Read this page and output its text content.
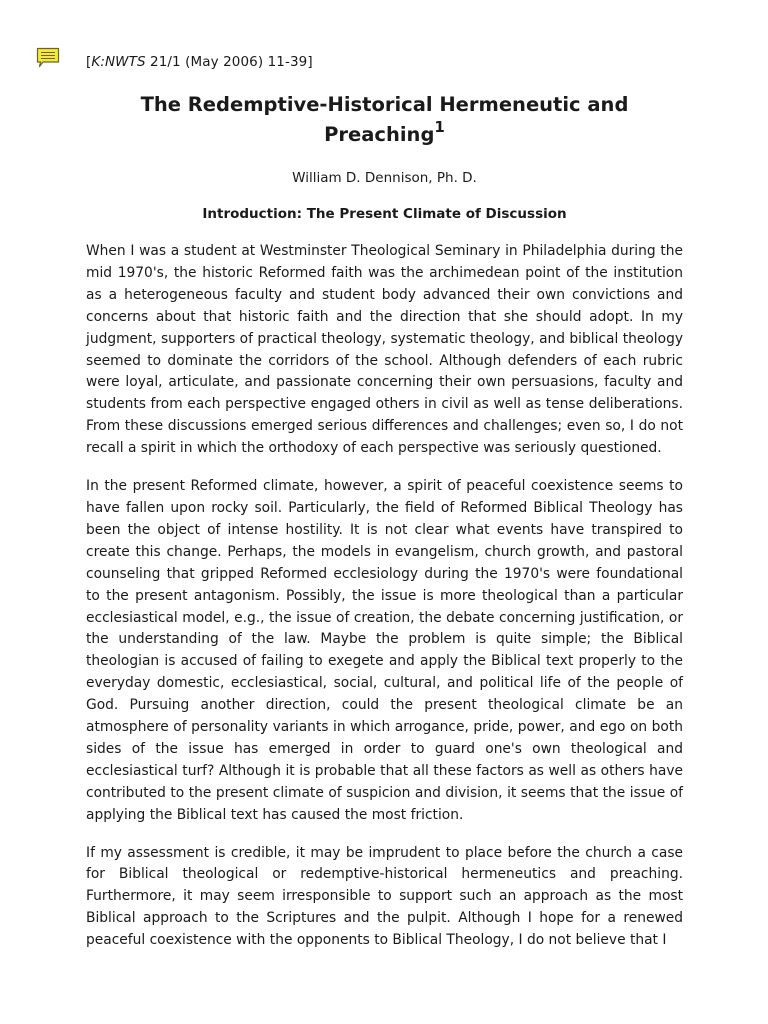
[K:NWTS 21/1 (May 2006) 11-39]
The Redemptive-Historical Hermeneutic and Preaching$^1$
William D. Dennison, Ph. D.
Introduction: The Present Climate of Discussion

When I was a student at Westminster Theological Seminary in Philadelphia during the mid 1970's, the historic Reformed faith was the archimedean point of the institution as a heterogeneous faculty and student body advanced their own convictions and concerns about that historic faith and the direction that she should adopt. In my judgment, supporters of practical theology, systematic theology, and biblical theology seemed to dominate the corridors of the school. Although defenders of each rubric were loyal, articulate, and passionate concerning their own persuasions, faculty and students from each perspective engaged others in civil as well as tense deliberations. From these discussions emerged serious differences and challenges; even so, I do not recall a spirit in which the orthodoxy of each perspective was seriously questioned.

In the present Reformed climate, however, a spirit of peaceful coexistence seems to have fallen upon rocky soil. Particularly, the field of Reformed Biblical Theology has been the object of intense hostility. It is not clear what events have transpired to create this change. Perhaps, the models in evangelism, church growth, and pastoral counseling that gripped Reformed ecclesiology during the 1970's were foundational to the present antagonism. Possibly, the issue is more theological than a particular ecclesiastical model, e.g., the issue of creation, the debate concerning justification, or the understanding of the law. Maybe the problem is quite simple; the Biblical theologian is accused of failing to exegete and apply the Biblical text properly to the everyday domestic, ecclesiastical, social, cultural, and political life of the people of God. Pursuing another direction, could the present theological climate be an atmosphere of personality variants in which arrogance, pride, power, and ego on both sides of the issue has emerged in order to guard one's own theological and ecclesiastical turf? Although it is probable that all these factors as well as others have contributed to the present climate of suspicion and division, it seems that the issue of applying the Biblical text has caused the most friction.

If my assessment is credible, it may be imprudent to place before the church a case for Biblical theological or redemptive-historical hermeneutics and preaching. Furthermore, it may seem irresponsible to support such an approach as the most Biblical approach to the Scriptures and the pulpit. Although I hope for a renewed peaceful coexistence with the opponents to Biblical Theology, I do not believe that I
